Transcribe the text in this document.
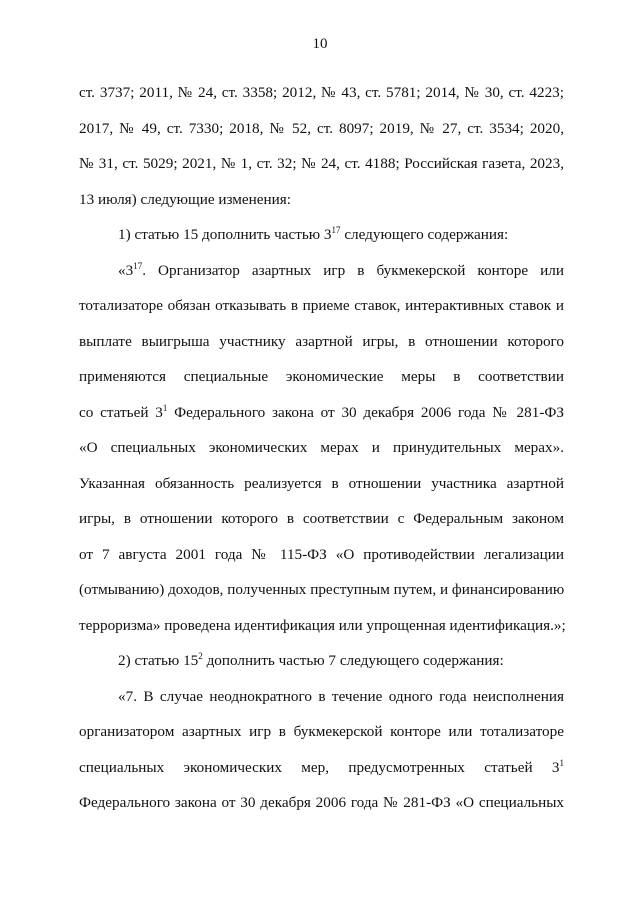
10
ст. 3737; 2011, № 24, ст. 3358; 2012, № 43, ст. 5781; 2014, № 30, ст. 4223;
2017, № 49, ст. 7330; 2018, № 52, ст. 8097; 2019, № 27, ст. 3534; 2020,
№ 31, ст. 5029; 2021, № 1, ст. 32; № 24, ст. 4188; Российская газета, 2023,
13 июля) следующие изменения:
1) статью 15 дополнить частью $3^{17}$ следующего содержания:
«$3^{17}$. Организатор азартных игр в букмекерской конторе или
тотализаторе обязан отказывать в приеме ставок, интерактивных ставок и
выплате выигрыша участнику азартной игры, в отношении которого
применяются специальные экономические меры в соответствии
со статьей $3^1$ Федерального закона от 30 декабря 2006 года № 281-ФЗ
«О специальных экономических мерах и принудительных мерах».
Указанная обязанность реализуется в отношении участника азартной
игры, в отношении которого в соответствии с Федеральным законом
от 7 августа 2001 года № 115-ФЗ «О противодействии легализации
(отмыванию) доходов, полученных преступным путем, и финансированию
терроризма» проведена идентификация или упрощенная идентификация.»;
2) статью $15^2$ дополнить частью 7 следующего содержания:
«7. В случае неоднократного в течение одного года неисполнения
организатором азартных игр в букмекерской конторе или тотализаторе
специальных экономических мер, предусмотренных статьей $3^1$
Федерального закона от 30 декабря 2006 года № 281-ФЗ «О специальных
